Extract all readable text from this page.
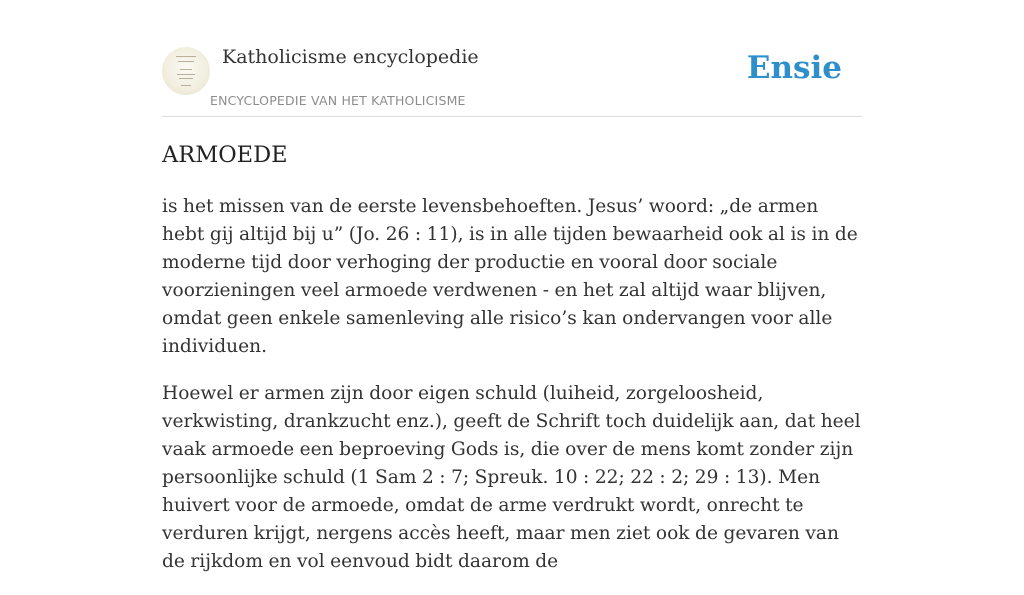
Katholicisme encyclopedie
ENCYCLOPEDIE VAN HET KATHOLICISME
Ensie
ARMOEDE

is het missen van de eerste levensbehoeften. Jesus’ woord: „de armen hebt gij altijd bij u” (Jo. 26 : 11), is in alle tijden bewaarheid ook al is in de moderne tijd door verhoging der productie en vooral door sociale voorzieningen veel armoede verdwenen - en het zal altijd waar blijven, omdat geen enkele samenleving alle risico’s kan ondervangen voor alle individuen.

Hoewel er armen zijn door eigen schuld (luiheid, zorgeloosheid, verkwisting, drankzucht enz.), geeft de Schrift toch duidelijk aan, dat heel vaak armoede een beproeving Gods is, die over de mens komt zonder zijn persoonlijke schuld (1 Sam 2 : 7; Spreuk. 10 : 22; 22 : 2; 29 : 13). Men huivert voor de armoede, omdat de arme verdrukt wordt, onrecht te verduren krijgt, nergens accès heeft, maar men ziet ook de gevaren van de rijkdom en vol eenvoud bidt daarom de
